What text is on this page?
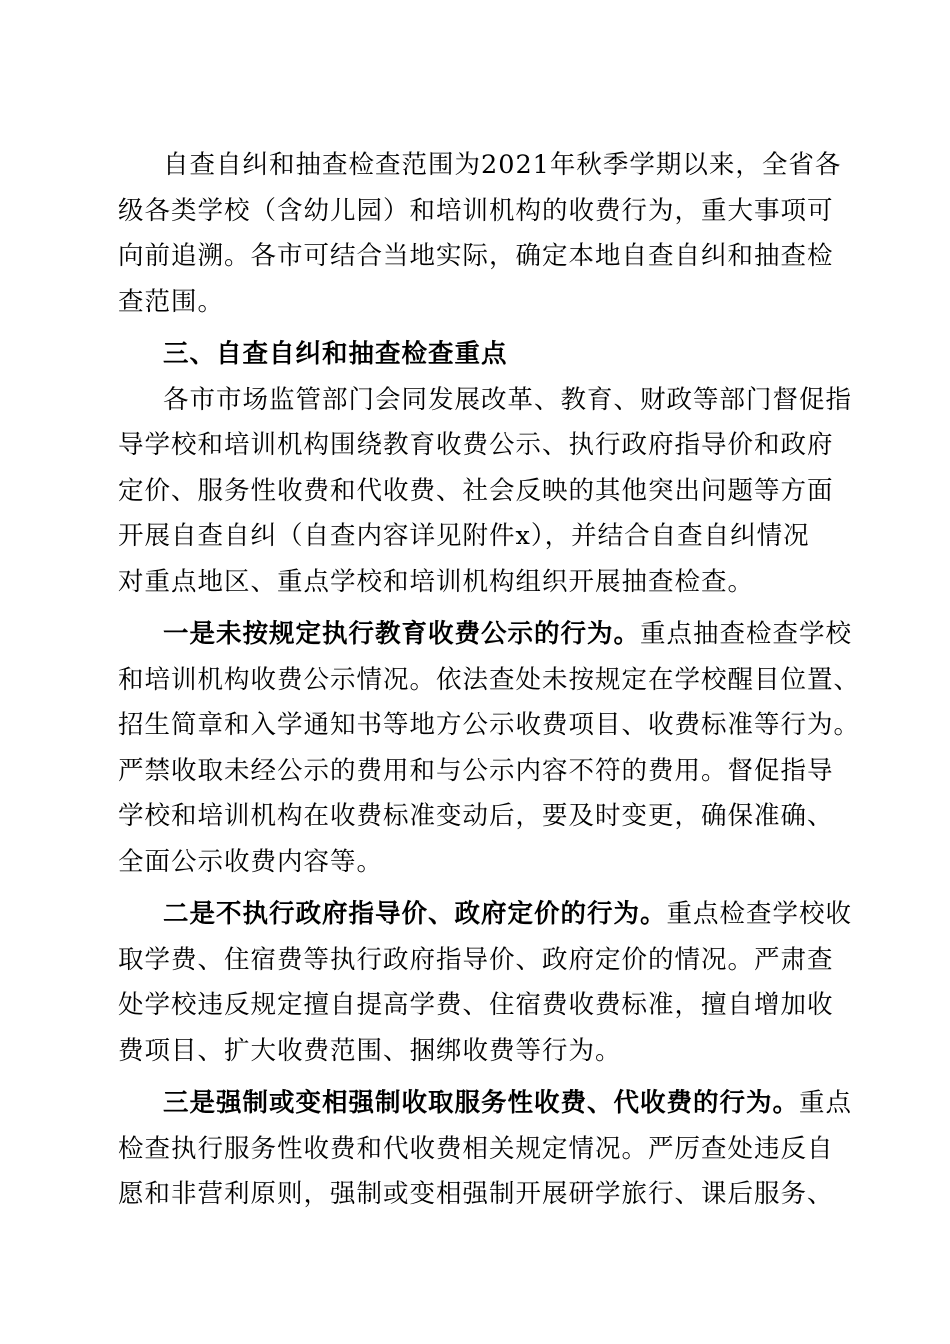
自查自纠和抽查检查范围为2021年秋季学期以来，全省各
级各类学校（含幼儿园）和培训机构的收费行为，重大事项可
向前追溯。各市可结合当地实际，确定本地自查自纠和抽查检
查范围。
三、自查自纠和抽查检查重点
各市市场监管部门会同发展改革、教育、财政等部门督促指
导学校和培训机构围绕教育收费公示、执行政府指导价和政府
定价、服务性收费和代收费、社会反映的其他突出问题等方面
开展自查自纠（自查内容详见附件x），并结合自查自纠情况
对重点地区、重点学校和培训机构组织开展抽查检查。
一是未按规定执行教育收费公示的行为。重点抽查检查学校
和培训机构收费公示情况。依法查处未按规定在学校醒目位置、
招生简章和入学通知书等地方公示收费项目、收费标准等行为。
严禁收取未经公示的费用和与公示内容不符的费用。督促指导
学校和培训机构在收费标准变动后，要及时变更，确保准确、
全面公示收费内容等。
二是不执行政府指导价、政府定价的行为。重点检查学校收
取学费、住宿费等执行政府指导价、政府定价的情况。严肃查
处学校违反规定擅自提高学费、住宿费收费标准，擅自增加收
费项目、扩大收费范围、捆绑收费等行为。
三是强制或变相强制收取服务性收费、代收费的行为。重点
检查执行服务性收费和代收费相关规定情况。严厉查处违反自
愿和非营利原则，强制或变相强制开展研学旅行、课后服务、
